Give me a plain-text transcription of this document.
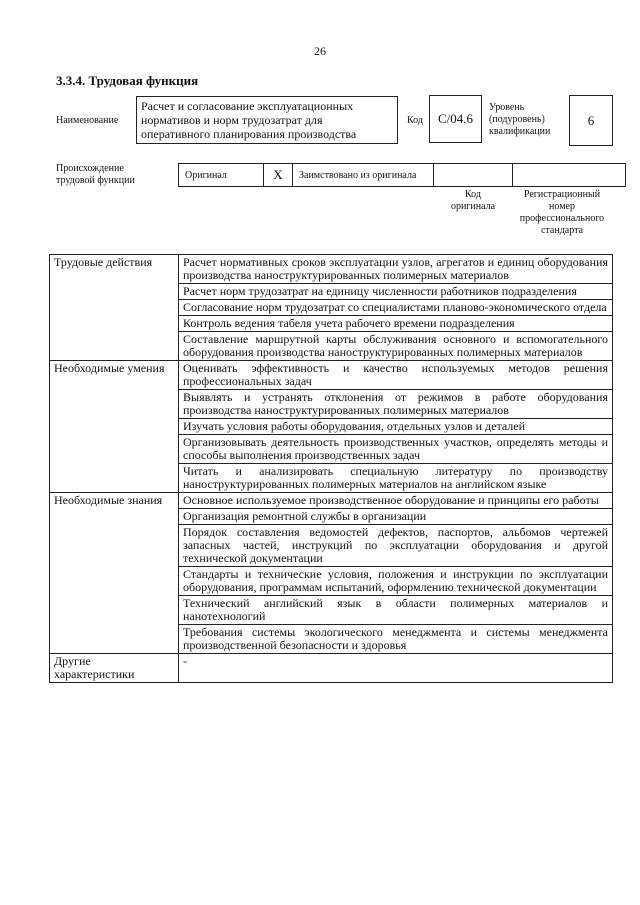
26
3.3.4. Трудовая функция
Наименование
Расчет и согласование эксплуатационных нормативов и норм трудозатрат для оперативного планирования производства
Код С/04.6
Уровень (подуровень) квалификации
6
Происхождение трудовой функции	Оригинал	X	Заимствовано из оригинала		
Код оригинала
Регистрационный номер профессионального стандарта
Трудовые действия	Расчет нормативных сроков эксплуатации узлов, агрегатов и единиц оборудования производства наноструктурированных полимерных материалов
	Расчет норм трудозатрат на единицу численности работников подразделения
	Согласование норм трудозатрат со специалистами планово-экономического отдела
	Контроль ведения табеля учета рабочего времени подразделения
	Составление маршрутной карты обслуживания основного и вспомогательного оборудования производства наноструктурированных полимерных материалов
Необходимые умения	Оценивать эффективность и качество используемых методов решения профессиональных задач
	Выявлять и устранять отклонения от режимов в работе оборудования производства наноструктурированных полимерных материалов
	Изучать условия работы оборудования, отдельных узлов и деталей
	Организовывать деятельность производственных участков, определять методы и способы выполнения производственных задач
	Читать и анализировать специальную литературу по производству наноструктурированных полимерных материалов на английском языке
Необходимые знания	Основное используемое производственное оборудование и принципы его работы
	Организация ремонтной службы в организации
	Порядок составления ведомостей дефектов, паспортов, альбомов чертежей запасных частей, инструкций по эксплуатации оборудования и другой технической документации
	Стандарты и технические условия, положения и инструкции по эксплуатации оборудования, программам испытаний, оформлению технической документации
	Технический английский язык в области полимерных материалов и нанотехнологий
	Требования системы экологического менеджмента и системы менеджмента производственной безопасности и здоровья
Другие характеристики	-
